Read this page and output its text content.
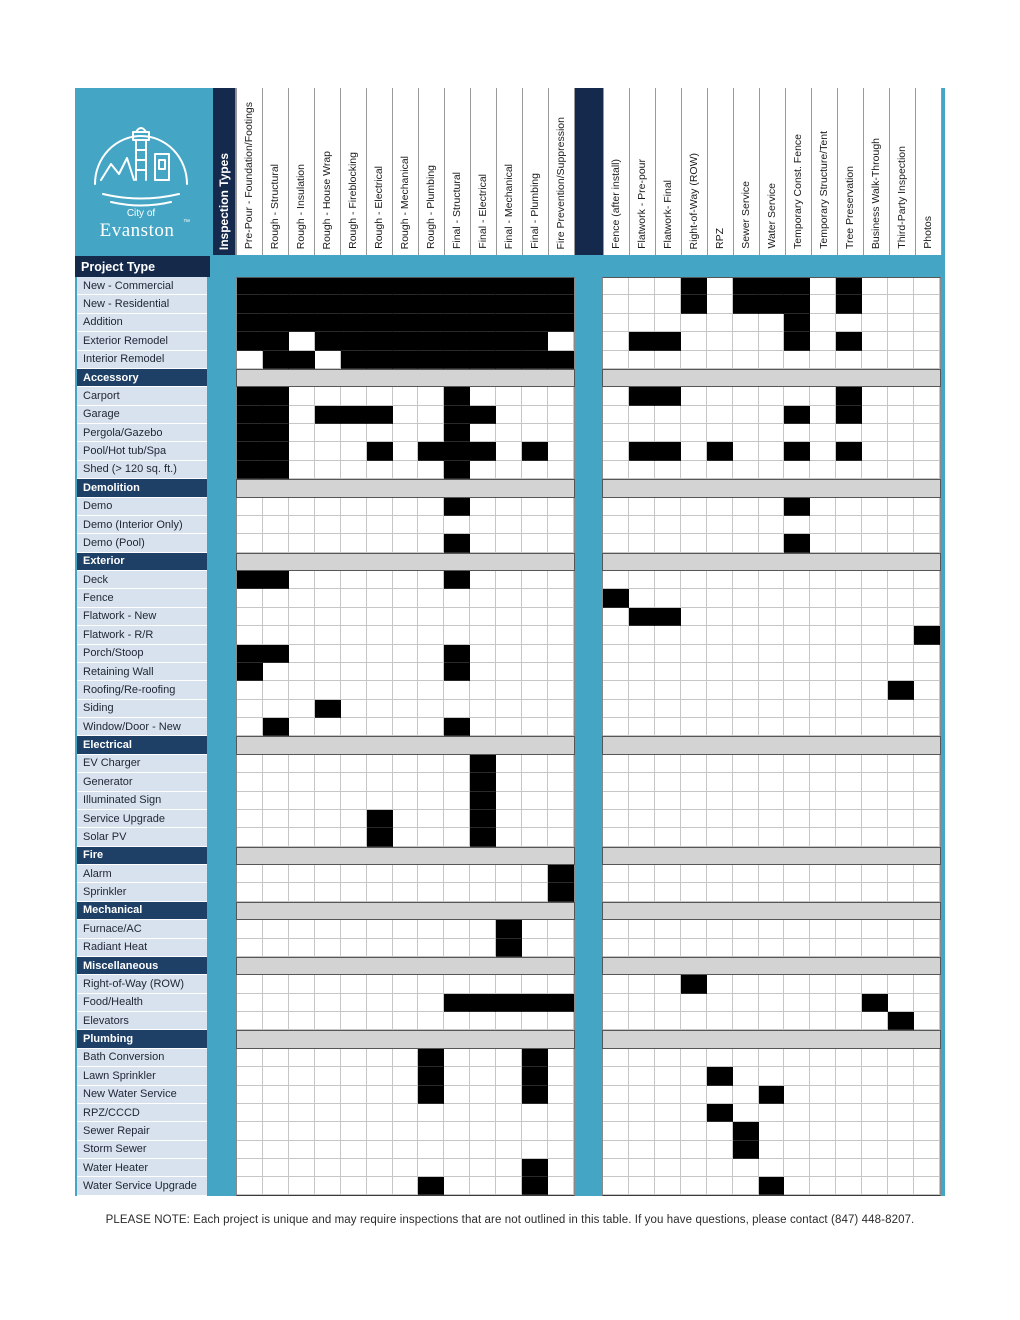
City of
Evanston ™ Inspection Types Pre-Pour - Foundation/Footings Rough - Structural Rough - Insulation Rough - House Wrap Rough - Fireblocking Rough - Electrical Rough - Mechanical Rough - Plumbing Final - Structural Final - Electrical Final - Mechanical Final - Plumbing Fire Prevention/Suppression	Fence (after install) Flatwork - Pre-pour Flatwork- Final Right-of-Way (ROW) RPZ Sewer Service Water Service Temporary Const. Fence Temporary Structure/Tent Tree Preservation Business Walk-Through Third-Party Inspection Photos
Project Type
New - Commercial
New - Residential
Addition
Exterior Remodel
Interior Remodel
Accessory
Carport
Garage
Pergola/Gazebo
Pool/Hot tub/Spa
Shed (> 120 sq. ft.)
Demolition
Demo
Demo (Interior Only)
Demo (Pool)
Exterior
Deck
Fence
Flatwork - New
Flatwork - R/R
Porch/Stoop
Retaining Wall
Roofing/Re-roofing
Siding
Window/Door - New
Electrical
EV Charger
Generator
Illuminated Sign
Service Upgrade
Solar PV
Fire
Alarm
Sprinkler
Mechanical
Furnace/AC
Radiant Heat
Miscellaneous
Right-of-Way (ROW)
Food/Health
Elevators
Plumbing
Bath Conversion
Lawn Sprinkler
New Water Service
RPZ/CCCD
Sewer Repair
Storm Sewer
Water Heater
Water Service Upgrade
PLEASE NOTE: Each project is unique and may require inspections that are not outlined in this table. If you have questions, please contact (847) 448-8207.
